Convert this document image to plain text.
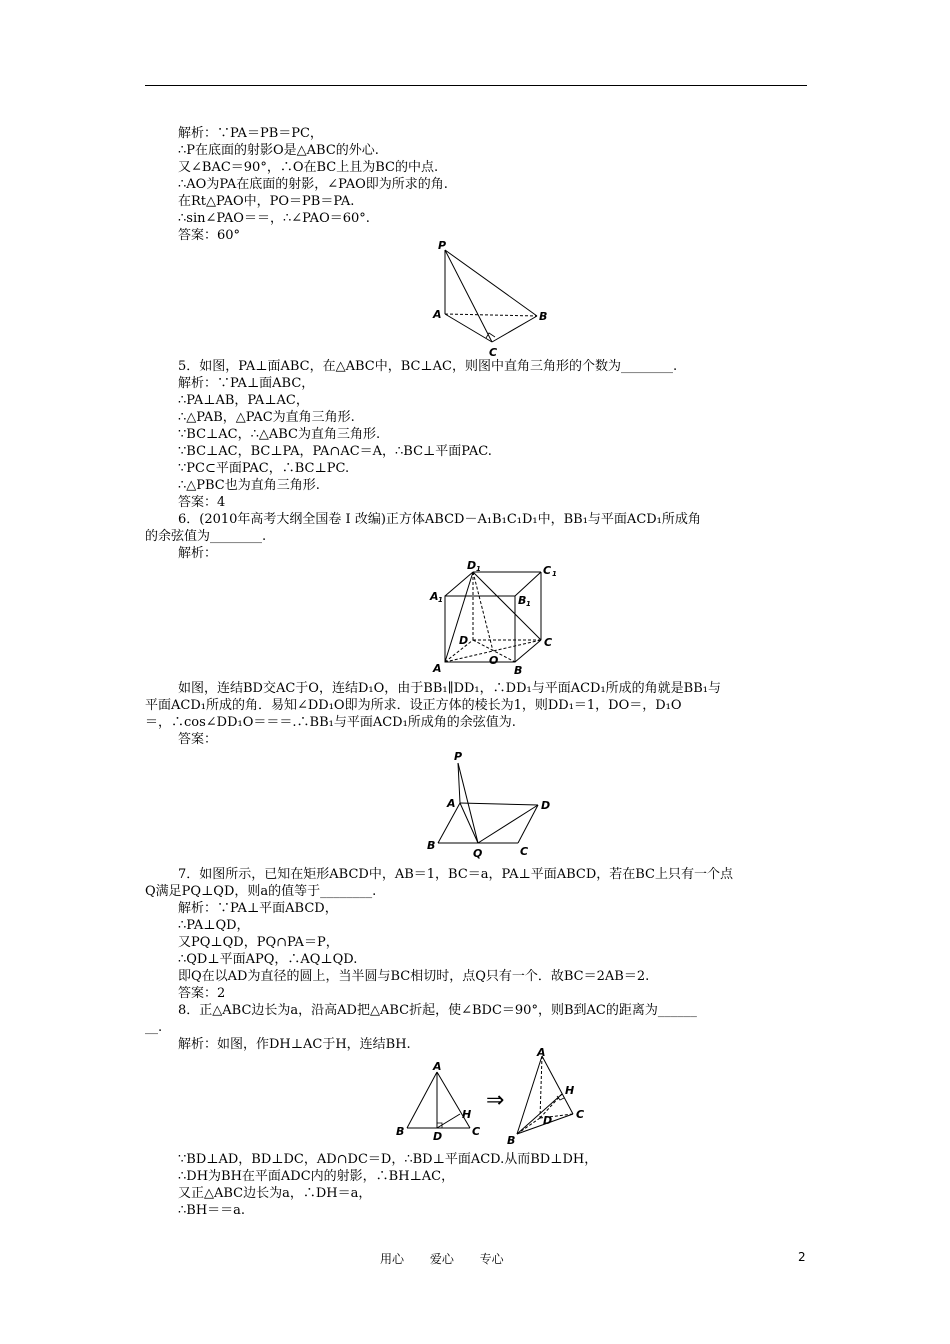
解析：∵PA＝PB＝PC，
∴P在底面的射影O是△ABC的外心.
又∠BAC＝90°，∴O在BC上且为BC的中点.
∴AO为PA在底面的射影，∠PAO即为所求的角.
在Rt△PAO中，PO＝PB＝PA.
∴sin∠PAO＝＝，∴∠PAO＝60°.
答案：60°
P
A	B
C
5．如图，PA⊥面ABC，在△ABC中，BC⊥AC，则图中直角三角形的个数为________.
解析：∵PA⊥面ABC，
∴PA⊥AB，PA⊥AC，
∴△PAB，△PAC为直角三角形.
∵BC⊥AC，∴△ABC为直角三角形.
∵BC⊥AC，BC⊥PA，PA∩AC＝A，∴BC⊥平面PAC.
∵PC⊂平面PAC，∴BC⊥PC.
∴△PBC也为直角三角形.
答案：4
6．(2010年高考大纲全国卷 Ⅰ 改编)正方体ABCD－A₁B₁C₁D₁中，BB₁与平面ACD₁所成角
的余弦值为________.
解析：
D 1	C 1
A 1	B 1
D	C
A	B
O
如图，连结BD交AC于O，连结D₁O，由于BB₁∥DD₁，∴DD₁与平面ACD₁所成的角就是BB₁与
平面ACD₁所成的角．易知∠DD₁O即为所求．设正方体的棱长为1，则DD₁＝1，DO＝，D₁O
＝，∴cos∠DD₁O＝＝＝.∴BB₁与平面ACD₁所成角的余弦值为.
答案：
P
A	D
B
Q	C
7．如图所示，已知在矩形ABCD中，AB＝1，BC＝a，PA⊥平面ABCD，若在BC上只有一个点
Q满足PQ⊥QD，则a的值等于________.
解析：∵PA⊥平面ABCD，
∴PA⊥QD，
又PQ⊥QD，PQ∩PA＝P，
∴QD⊥平面APQ，∴AQ⊥QD.
即Q在以AD为直径的圆上，当半圆与BC相切时，点Q只有一个．故BC＝2AB＝2.
答案：2
8．正△ABC边长为a，沿高AD把△ABC折起，使∠BDC＝90°，则B到AC的距离为______
__.
解析：如图，作DH⊥AC于H，连结BH.
A
H
B	D	C
⇒
A
H
C
D
B
∵BD⊥AD，BD⊥DC，AD∩DC＝D，∴BD⊥平面ACD.从而BD⊥DH，
∴DH为BH在平面ADC内的射影，∴BH⊥AC，
又正△ABC边长为a，∴DH＝a，
∴BH＝＝a.
用心 爱心 专心	2
